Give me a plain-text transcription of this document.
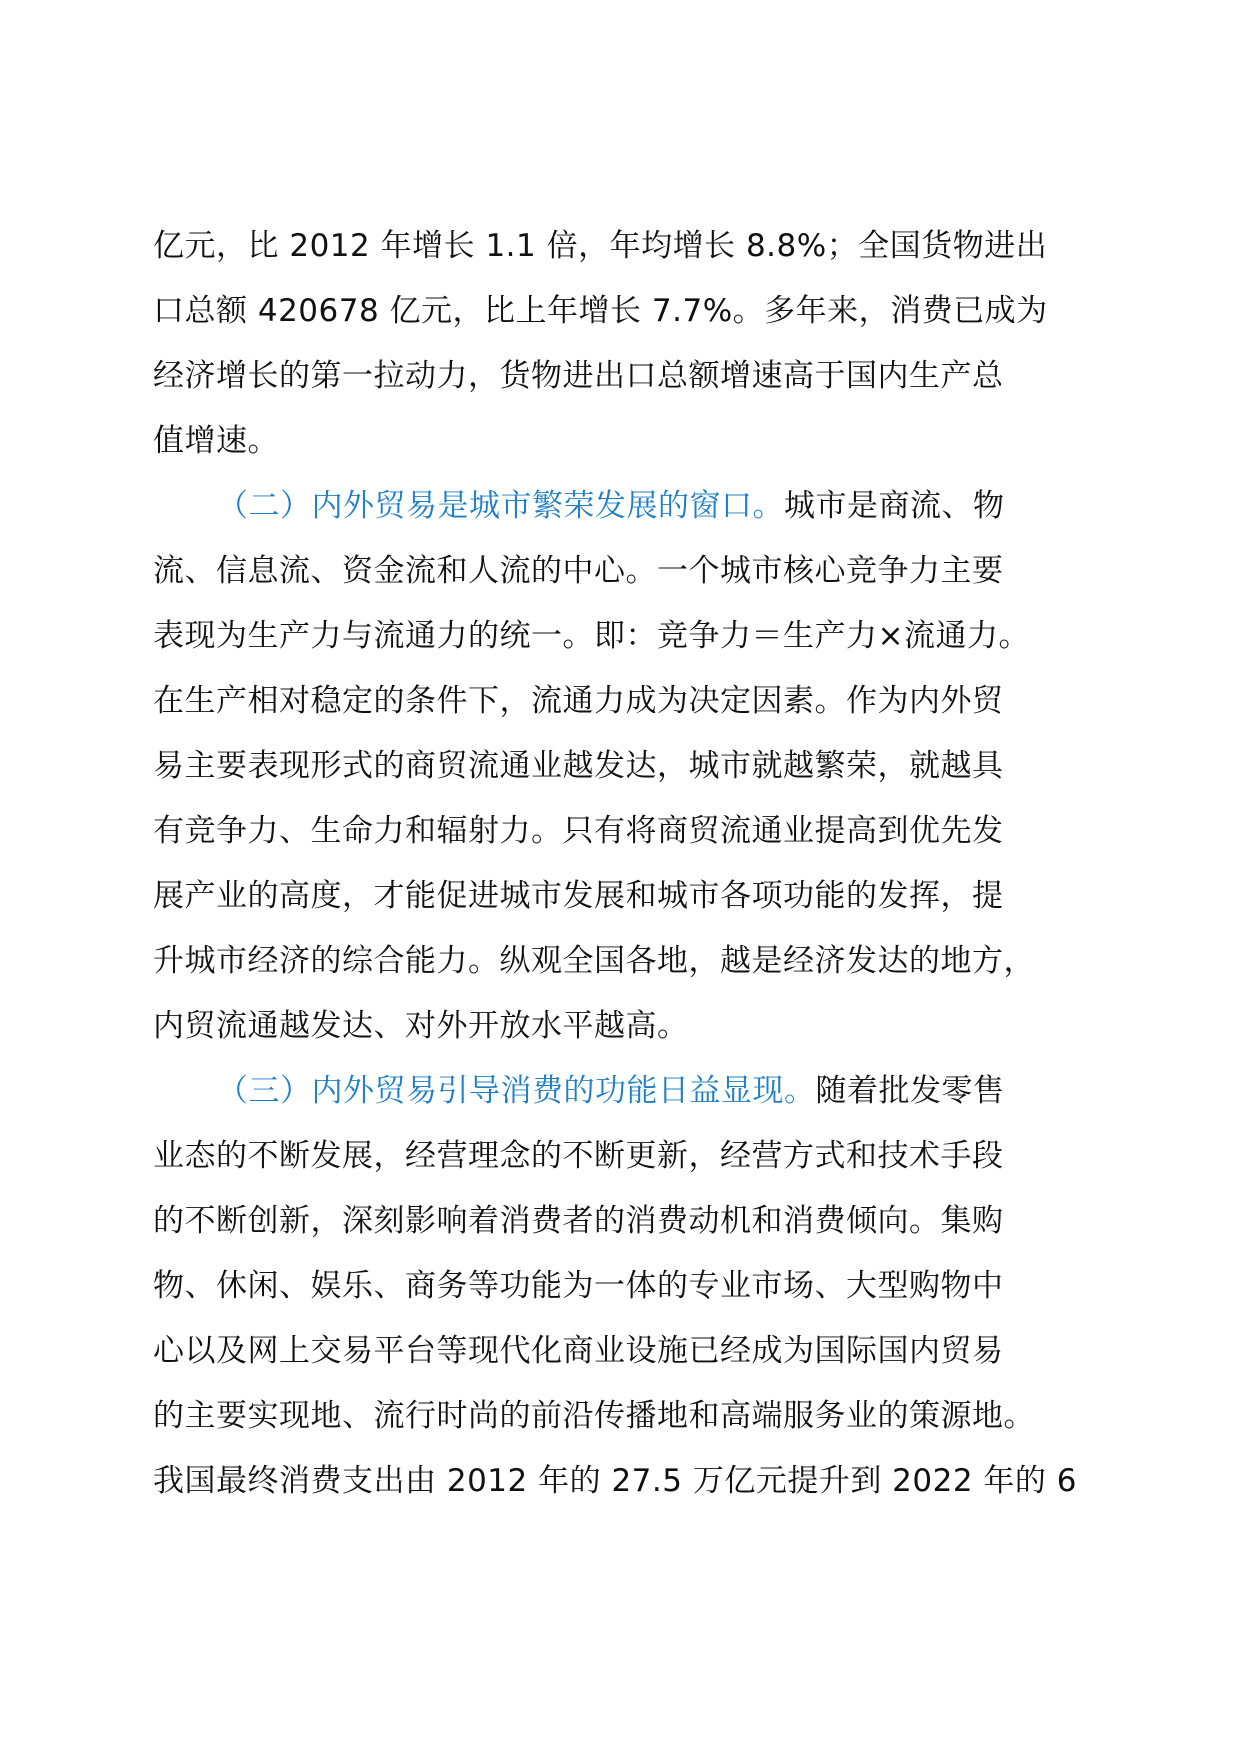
亿元，比 2012 年增长 1.1 倍，年均增长 8.8%；全国货物进出
口总额 420678 亿元，比上年增长 7.7%。多年来，消费已成为
经济增长的第一拉动力，货物进出口总额增速高于国内生产总
值增速。
（二）内外贸易是城市繁荣发展的窗口。城市是商流、物
流、信息流、资金流和人流的中心。一个城市核心竞争力主要
表现为生产力与流通力的统一。即：竞争力＝生产力×流通力。
在生产相对稳定的条件下，流通力成为决定因素。作为内外贸
易主要表现形式的商贸流通业越发达，城市就越繁荣，就越具
有竞争力、生命力和辐射力。只有将商贸流通业提高到优先发
展产业的高度，才能促进城市发展和城市各项功能的发挥，提
升城市经济的综合能力。纵观全国各地，越是经济发达的地方，
内贸流通越发达、对外开放水平越高。
（三）内外贸易引导消费的功能日益显现。随着批发零售
业态的不断发展，经营理念的不断更新，经营方式和技术手段
的不断创新，深刻影响着消费者的消费动机和消费倾向。集购
物、休闲、娱乐、商务等功能为一体的专业市场、大型购物中
心以及网上交易平台等现代化商业设施已经成为国际国内贸易
的主要实现地、流行时尚的前沿传播地和高端服务业的策源地。
我国最终消费支出由 2012 年的 27.5 万亿元提升到 2022 年的 6
